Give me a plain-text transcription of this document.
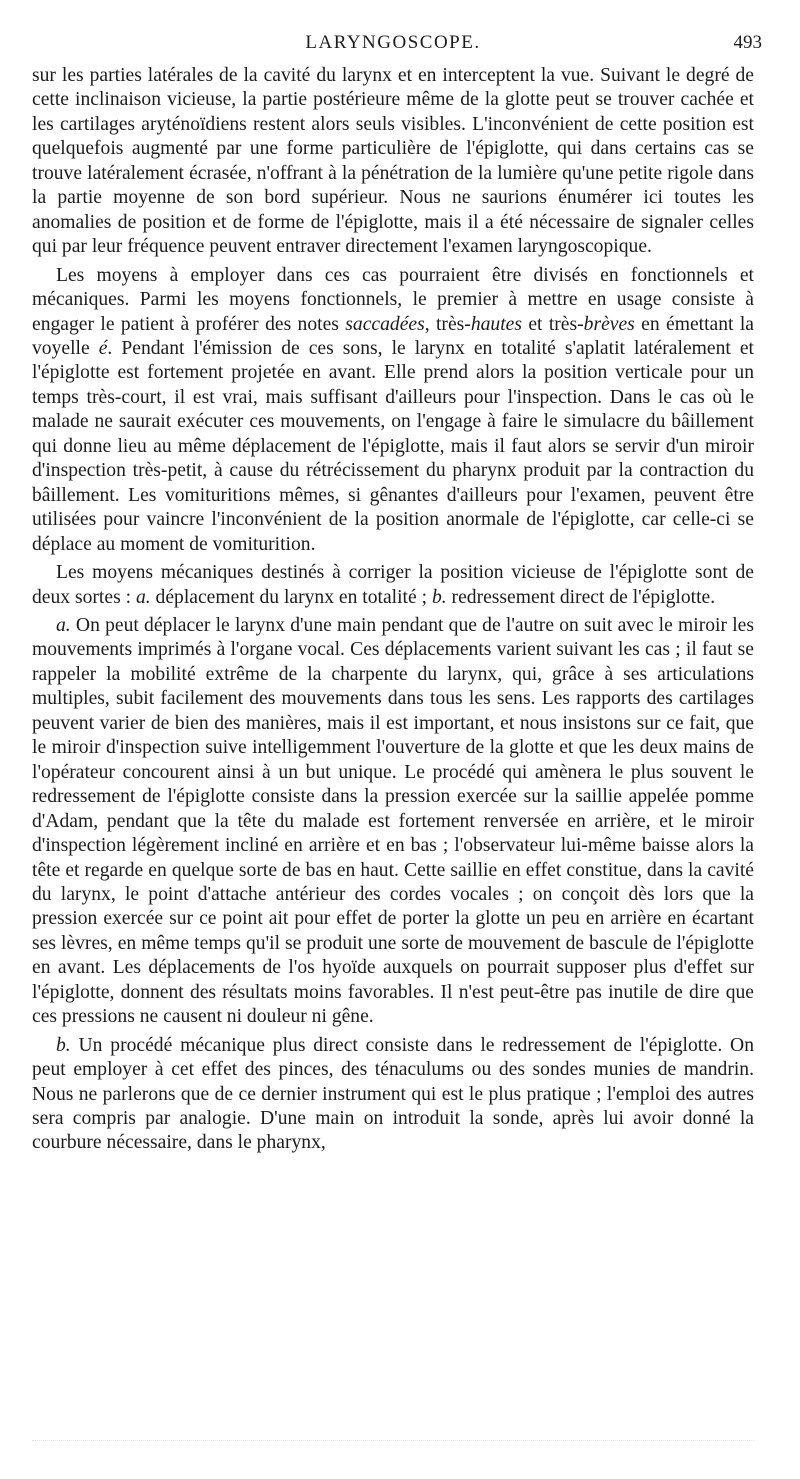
LARYNGOSCOPE.	493

sur les parties latérales de la cavité du larynx et en interceptent la vue. Suivant le degré de cette inclinaison vicieuse, la partie postérieure même de la glotte peut se trouver cachée et les cartilages aryténoïdiens restent alors seuls visibles. L'inconvénient de cette position est quelquefois augmenté par une forme particulière de l'épiglotte, qui dans certains cas se trouve latéralement écrasée, n'offrant à la pénétration de la lumière qu'une petite rigole dans la partie moyenne de son bord supérieur. Nous ne saurions énumérer ici toutes les anomalies de position et de forme de l'épiglotte, mais il a été nécessaire de signaler celles qui par leur fréquence peuvent entraver directement l'examen laryngoscopique.

Les moyens à employer dans ces cas pourraient être divisés en fonctionnels et mécaniques. Parmi les moyens fonctionnels, le premier à mettre en usage consiste à engager le patient à proférer des notes saccadées, très-hautes et très-brèves en émettant la voyelle é. Pendant l'émission de ces sons, le larynx en totalité s'aplatit latéralement et l'épiglotte est fortement projetée en avant. Elle prend alors la position verticale pour un temps très-court, il est vrai, mais suffisant d'ailleurs pour l'inspection. Dans le cas où le malade ne saurait exécuter ces mouvements, on l'engage à faire le simulacre du bâillement qui donne lieu au même déplacement de l'épiglotte, mais il faut alors se servir d'un miroir d'inspection très-petit, à cause du rétrécissement du pharynx produit par la contraction du bâillement. Les vomituritions mêmes, si gênantes d'ailleurs pour l'examen, peuvent être utilisées pour vaincre l'inconvénient de la position anormale de l'épiglotte, car celle-ci se déplace au moment de vomiturition.

Les moyens mécaniques destinés à corriger la position vicieuse de l'épiglotte sont de deux sortes : a. déplacement du larynx en totalité ; b. redressement direct de l'épiglotte.

a. On peut déplacer le larynx d'une main pendant que de l'autre on suit avec le miroir les mouvements imprimés à l'organe vocal. Ces déplacements varient suivant les cas ; il faut se rappeler la mobilité extrême de la charpente du larynx, qui, grâce à ses articulations multiples, subit facilement des mouvements dans tous les sens. Les rapports des cartilages peuvent varier de bien des manières, mais il est important, et nous insistons sur ce fait, que le miroir d'inspection suive intelligemment l'ouverture de la glotte et que les deux mains de l'opérateur concourent ainsi à un but unique. Le procédé qui amènera le plus souvent le redressement de l'épiglotte consiste dans la pression exercée sur la saillie appelée pomme d'Adam, pendant que la tête du malade est fortement renversée en arrière, et le miroir d'inspection légèrement incliné en arrière et en bas ; l'observateur lui-même baisse alors la tête et regarde en quelque sorte de bas en haut. Cette saillie en effet constitue, dans la cavité du larynx, le point d'attache antérieur des cordes vocales ; on conçoit dès lors que la pression exercée sur ce point ait pour effet de porter la glotte un peu en arrière en écartant ses lèvres, en même temps qu'il se produit une sorte de mouvement de bascule de l'épiglotte en avant. Les déplacements de l'os hyoïde auxquels on pourrait supposer plus d'effet sur l'épiglotte, donnent des résultats moins favorables. Il n'est peut-être pas inutile de dire que ces pressions ne causent ni douleur ni gêne.

b. Un procédé mécanique plus direct consiste dans le redressement de l'épiglotte. On peut employer à cet effet des pinces, des ténaculums ou des sondes munies de mandrin. Nous ne parlerons que de ce dernier instrument qui est le plus pratique ; l'emploi des autres sera compris par analogie. D'une main on introduit la sonde, après lui avoir donné la courbure nécessaire, dans le pharynx,
